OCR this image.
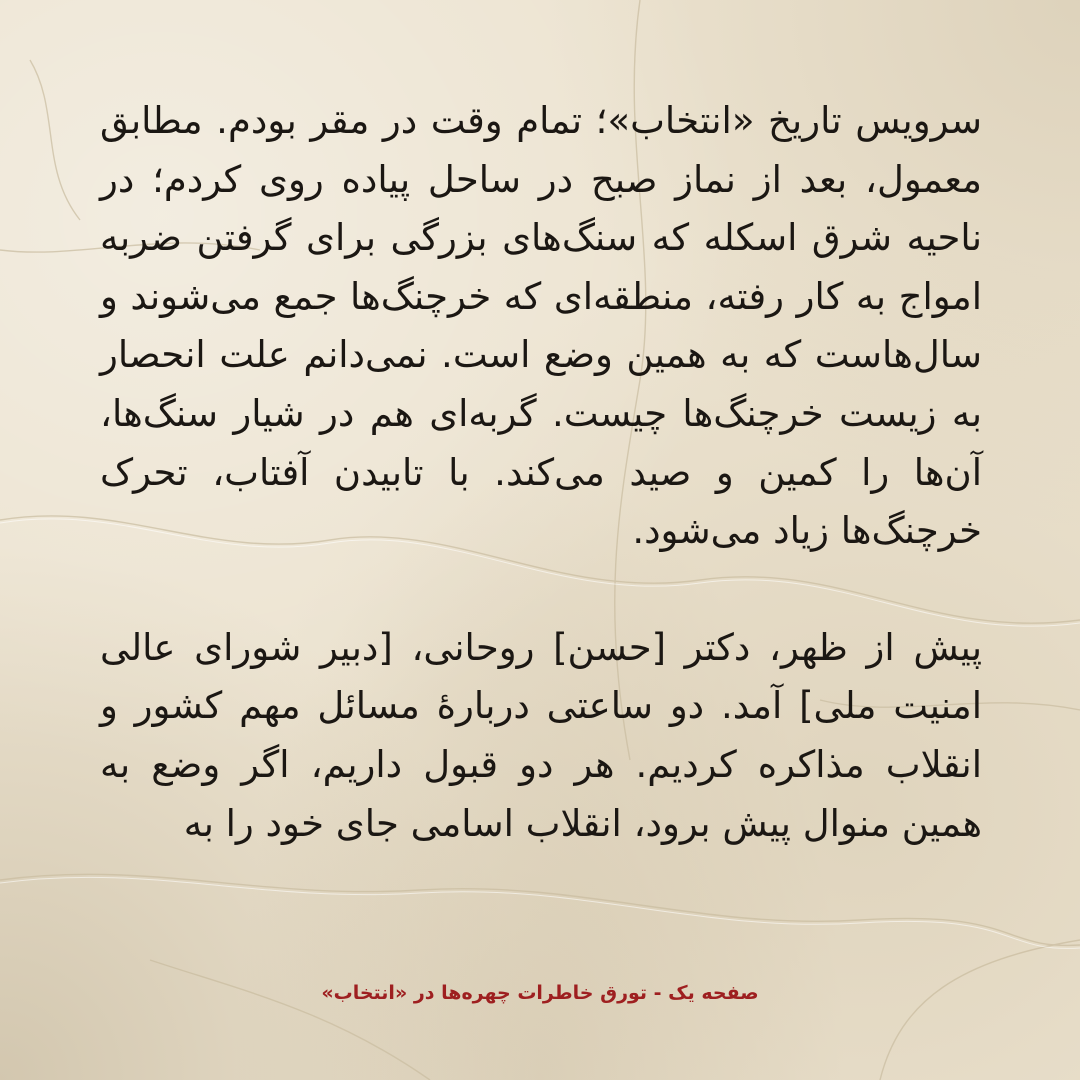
سرویس تاریخ «انتخاب»؛ تمام وقت در مقر بودم. مطابق معمول، بعد از نماز صبح در ساحل پیاده روی کردم؛ در ناحیه شرق اسکله که سنگ‌های بزرگی برای گرفتن ضربه امواج به کار رفته، منطقه‌ای که خرچنگ‌ها جمع می‌شوند و سال‌هاست که به همین وضع است. نمی‌دانم علت انحصار به زیست خرچنگ‌ها چیست. گربه‌ای هم در شیار سنگ‌ها، آن‌ها را کمین و صید می‌کند. با تابیدن آفتاب، تحرک خرچنگ‌ها زیاد می‌شود.

پیش از ظهر، دکتر [حسن] روحانی، [دبیر شورای عالی امنیت ملی] آمد. دو ساعتی دربارهٔ مسائل مهم کشور و انقلاب مذاکره کردیم. هر دو قبول داریم، اگر وضع به همین منوال پیش برود، انقلاب اسامی جای خود را به

صفحه یک - تورق خاطرات چهره‌ها در «انتخاب»
